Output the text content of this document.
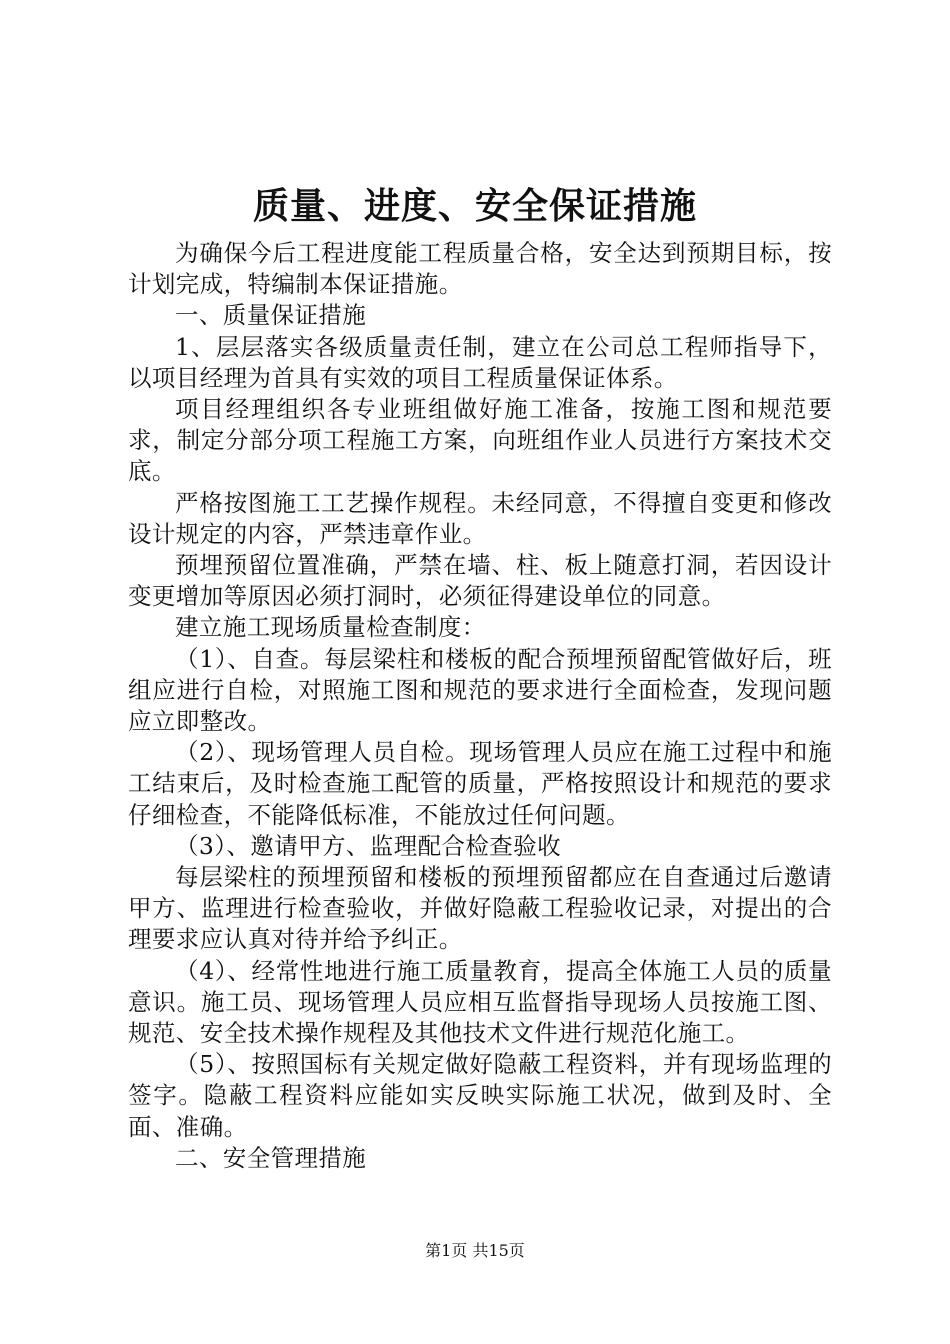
质量、进度、安全保证措施

为确保今后工程进度能工程质量合格，安全达到预期目标，按计划完成，特编制本保证措施。

一、质量保证措施

1、层层落实各级质量责任制，建立在公司总工程师指导下，以项目经理为首具有实效的项目工程质量保证体系。

项目经理组织各专业班组做好施工准备，按施工图和规范要求，制定分部分项工程施工方案，向班组作业人员进行方案技术交底。

严格按图施工工艺操作规程。未经同意，不得擅自变更和修改设计规定的内容，严禁违章作业。

预埋预留位置准确，严禁在墙、柱、板上随意打洞，若因设计变更增加等原因必须打洞时，必须征得建设单位的同意。

建立施工现场质量检查制度：

（1）、自查。每层梁柱和楼板的配合预埋预留配管做好后，班组应进行自检，对照施工图和规范的要求进行全面检查，发现问题应立即整改。

（2）、现场管理人员自检。现场管理人员应在施工过程中和施工结束后，及时检查施工配管的质量，严格按照设计和规范的要求仔细检查，不能降低标准，不能放过任何问题。

（3）、邀请甲方、监理配合检查验收

每层梁柱的预埋预留和楼板的预埋预留都应在自查通过后邀请甲方、监理进行检查验收，并做好隐蔽工程验收记录，对提出的合理要求应认真对待并给予纠正。

（4）、经常性地进行施工质量教育，提高全体施工人员的质量意识。施工员、现场管理人员应相互监督指导现场人员按施工图、规范、安全技术操作规程及其他技术文件进行规范化施工。

（5）、按照国标有关规定做好隐蔽工程资料，并有现场监理的签字。隐蔽工程资料应能如实反映实际施工状况，做到及时、全面、准确。

二、安全管理措施

第1页 共15页
